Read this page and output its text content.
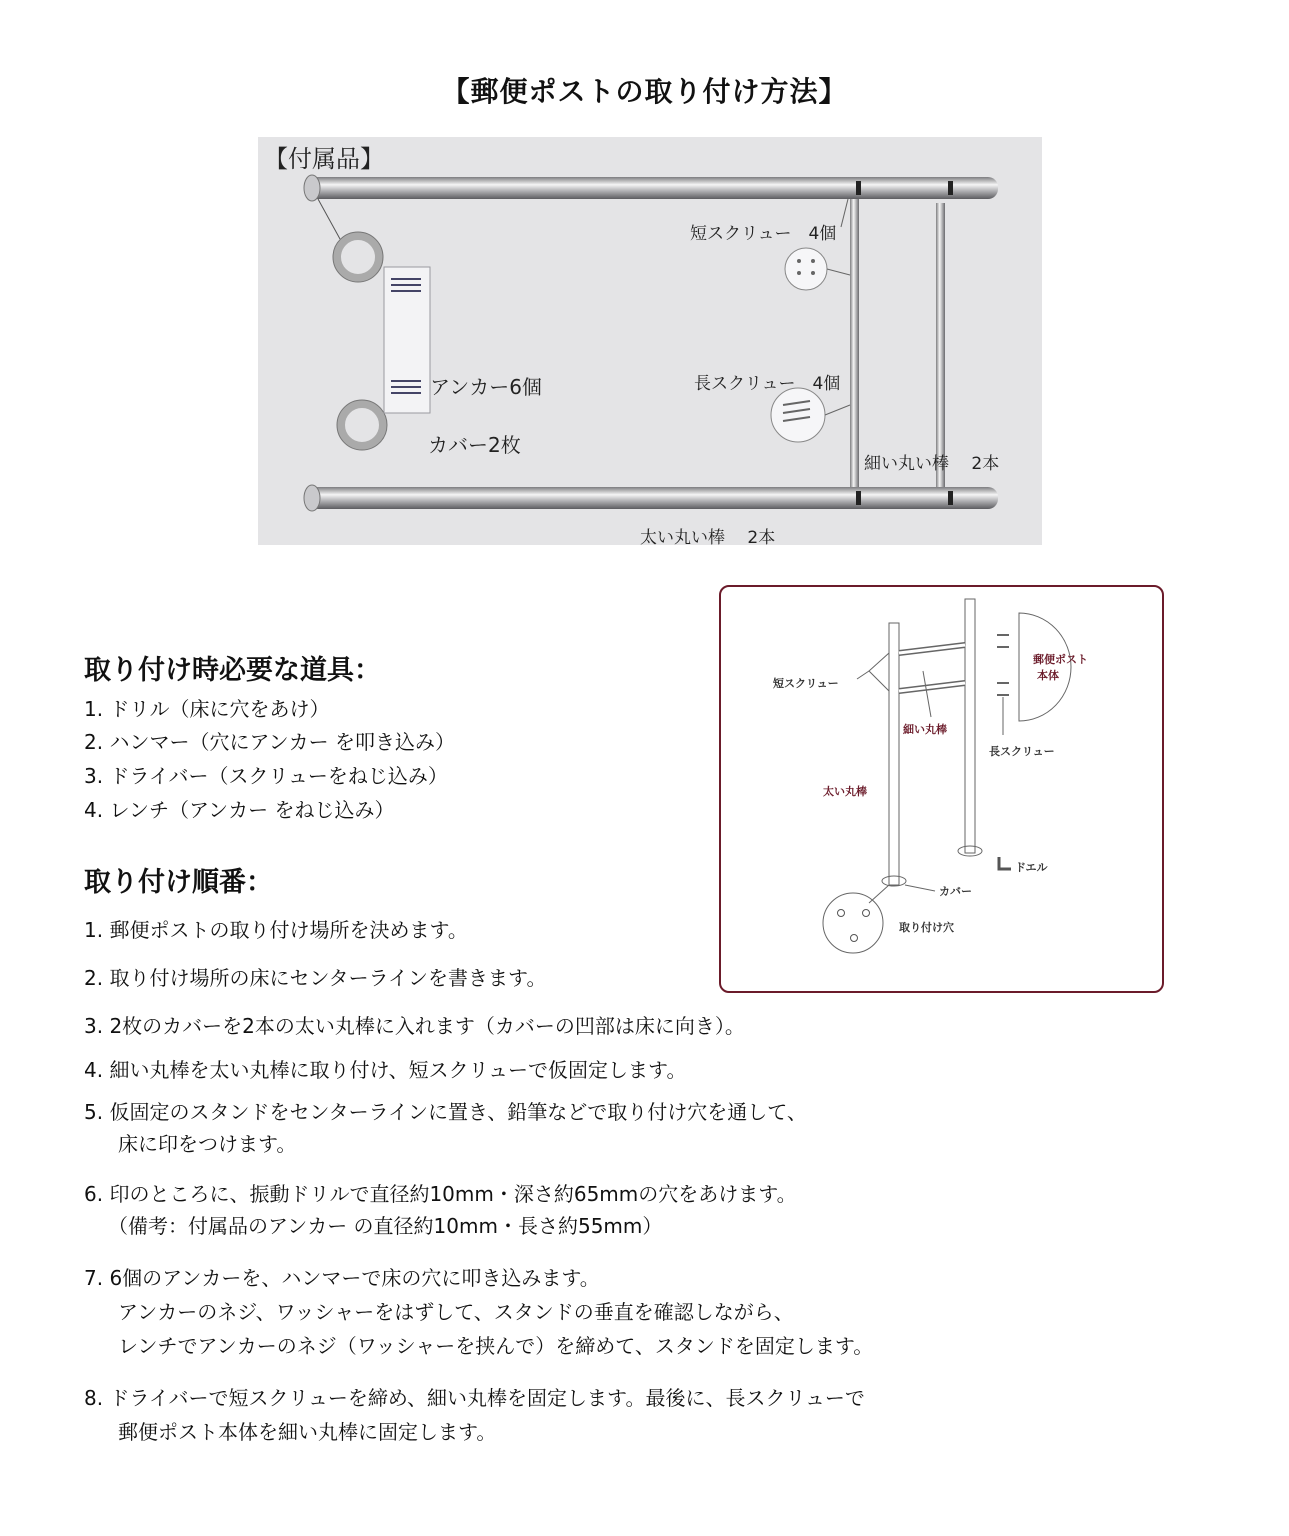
【郵便ポストの取り付け方法】
【付属品】
短スクリュー　4個
長スクリュー　4個
アンカー6個
カバー2枚
細い丸い棒　 2本
太い丸い棒　 2本
短スクリュー
郵便ポスト
本体
細い丸棒
長スクリュー
太い丸棒
ドエル
カバー
取り付け穴
取り付け時必要な道具：
1. ドリル（床に穴をあけ）
2. ハンマー（穴にアンカー を叩き込み）
3. ドライバー（スクリューをねじ込み）
4. レンチ（アンカー をねじ込み）
取り付け順番：
1. 郵便ポストの取り付け場所を決めます。
2. 取り付け場所の床にセンターラインを書きます。
3. 2枚のカバーを2本の太い丸棒に入れます（カバーの凹部は床に向き）。
4. 細い丸棒を太い丸棒に取り付け、短スクリューで仮固定します。
5. 仮固定のスタンドをセンターラインに置き、鉛筆などで取り付け穴を通して、
床に印をつけます。
6. 印のところに、振動ドリルで直径約10mm・深さ約65mmの穴をあけます。
（備考：付属品のアンカー の直径約10mm・長さ約55mm）
7. 6個のアンカーを、ハンマーで床の穴に叩き込みます。
アンカーのネジ、ワッシャーをはずして、スタンドの垂直を確認しながら、
レンチでアンカーのネジ（ワッシャーを挟んで）を締めて、スタンドを固定します。
8. ドライバーで短スクリューを締め、細い丸棒を固定します。最後に、長スクリューで
郵便ポスト本体を細い丸棒に固定します。
